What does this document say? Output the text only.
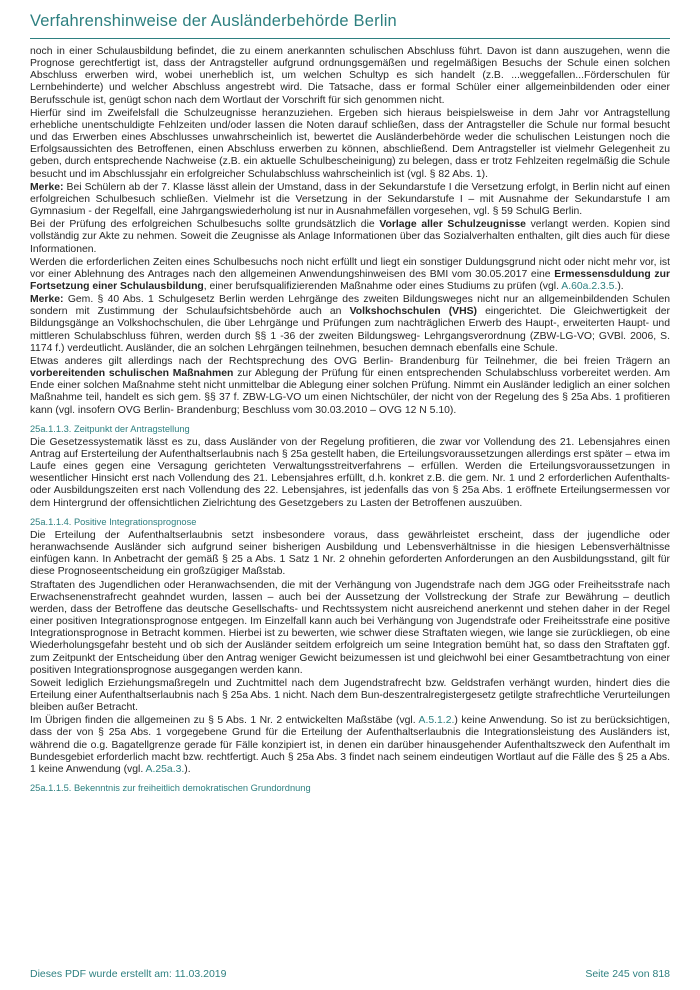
Verfahrenshinweise der Ausländerbehörde Berlin

noch in einer Schulausbildung befindet, die zu einem anerkannten schulischen Abschluss führt. Davon ist dann auszugehen, wenn die Prognose gerechtfertigt ist, dass der Antragsteller aufgrund ordnungsgemäßen und regelmäßigen Besuchs der Schule einen solchen Abschluss erwerben wird, wobei unerheblich ist, um welchen Schultyp es sich handelt (z.B. ...weggefallen...Förderschulen für Lernbehinderte) und welcher Abschluss angestrebt wird. Die Tatsache, dass er formal Schüler einer allgemeinbildenden oder einer Berufsschule ist, genügt schon nach dem Wortlaut der Vorschrift für sich genommen nicht.

Hierfür sind im Zweifelsfall die Schulzeugnisse heranzuziehen. Ergeben sich hieraus beispielsweise in dem Jahr vor Antragstellung erhebliche unentschuldigte Fehlzeiten und/oder lassen die Noten darauf schließen, dass der Antragsteller die Schule nur formal besucht und das Erwerben eines Abschlusses unwahrscheinlich ist, bewertet die Ausländerbehörde weder die schulischen Leistungen noch die Erfolgsaussichten des Betroffenen, einen Abschluss erwerben zu können, abschließend. Dem Antragsteller ist vielmehr Gelegenheit zu geben, durch entsprechende Nachweise (z.B. ein aktuelle Schulbescheinigung) zu belegen, dass er trotz Fehlzeiten regelmäßig die Schule besucht und im Abschlussjahr ein erfolgreicher Schulabschluss wahrscheinlich ist (vgl. § 82 Abs. 1).

Merke: Bei Schülern ab der 7. Klasse lässt allein der Umstand, dass in der Sekundarstufe I die Versetzung erfolgt, in Berlin nicht auf einen erfolgreichen Schulbesuch schließen. Vielmehr ist die Versetzung in der Sekundarstufe I – mit Ausnahme der Sekundarstufe I am Gymnasium - der Regelfall, eine Jahrgangswiederholung ist nur in Ausnahmefällen vorgesehen, vgl. § 59 SchulG Berlin.

Bei der Prüfung des erfolgreichen Schulbesuchs sollte grundsätzlich die Vorlage aller Schulzeugnisse verlangt werden. Kopien sind vollständig zur Akte zu nehmen. Soweit die Zeugnisse als Anlage Informationen über das Sozialverhalten enthalten, gilt dies auch für diese Informationen.

Werden die erforderlichen Zeiten eines Schulbesuchs noch nicht erfüllt und liegt ein sonstiger Duldungsgrund nicht oder nicht mehr vor, ist vor einer Ablehnung des Antrages nach den allgemeinen Anwendungshinweisen des BMI vom 30.05.2017 eine Ermessensduldung zur Fortsetzung einer Schulausbildung, einer berufsqualifizierenden Maßnahme oder eines Studiums zu prüfen (vgl. A.60a.2.3.5.).

Merke: Gem. § 40 Abs. 1 Schulgesetz Berlin werden Lehrgänge des zweiten Bildungsweges nicht nur an allgemeinbildenden Schulen sondern mit Zustimmung der Schulaufsichtsbehörde auch an Volkshochschulen (VHS) eingerichtet. Die Gleichwertigkeit der Bildungsgänge an Volkshochschulen, die über Lehrgänge und Prüfungen zum nachträglichen Erwerb des Haupt-, erweiterten Haupt- und mittleren Schulabschluss führen, werden durch §§ 1 -36 der zweiten Bildungsweg- Lehrgangsverordnung (ZBW-LG-VO; GVBl. 2006, S. 1174 f.) verdeutlicht. Ausländer, die an solchen Lehrgängen teilnehmen, besuchen demnach ebenfalls eine Schule.

Etwas anderes gilt allerdings nach der Rechtsprechung des OVG Berlin- Brandenburg für Teilnehmer, die bei freien Trägern an vorbereitenden schulischen Maßnahmen zur Ablegung der Prüfung für einen entsprechenden Schulabschluss vorbereitet werden. Am Ende einer solchen Maßnahme steht nicht unmittelbar die Ablegung einer solchen Prüfung. Nimmt ein Ausländer lediglich an einer solchen Maßnahme teil, handelt es sich gem. §§ 37 f. ZBW-LG-VO um einen Nichtschüler, der nicht von der Regelung des § 25a Abs. 1 profitieren kann (vgl. insofern OVG Berlin- Brandenburg; Beschluss vom 30.03.2010 – OVG 12 N 5.10).

25a.1.1.3. Zeitpunkt der Antragstellung

Die Gesetzessystematik lässt es zu, dass Ausländer von der Regelung profitieren, die zwar vor Vollendung des 21. Lebensjahres einen Antrag auf Ersterteilung der Aufenthaltserlaubnis nach § 25a gestellt haben, die Erteilungsvoraussetzungen allerdings erst später – etwa im Laufe eines gegen eine Versagung gerichteten Verwaltungsstreitverfahrens – erfüllen. Werden die Erteilungsvoraussetzungen in wesentlicher Hinsicht erst nach Vollendung des 21. Lebensjahres erfüllt, d.h. konkret z.B. die gem. Nr. 1 und 2 erforderlichen Aufenthalts- oder Ausbildungszeiten erst nach Vollendung des 22. Lebensjahres, ist jedenfalls das von § 25a Abs. 1 eröffnete Erteilungsermessen vor dem Hintergrund der offensichtlichen Zielrichtung des Gesetzgebers zu Lasten der Betroffenen auszuüben.

25a.1.1.4. Positive Integrationsprognose

Die Erteilung der Aufenthaltserlaubnis setzt insbesondere voraus, dass gewährleistet erscheint, dass der jugendliche oder heranwachsende Ausländer sich aufgrund seiner bisherigen Ausbildung und Lebensverhältnisse in die hiesigen Lebensverhältnisse einfügen kann. In Anbetracht der gemäß § 25 a Abs. 1 Satz 1 Nr. 2 ohnehin geforderten Anforderungen an den Ausbildungsstand, gilt für diese Prognoseentscheidung ein großzügiger Maßstab.

Straftaten des Jugendlichen oder Heranwachsenden, die mit der Verhängung von Jugendstrafe nach dem JGG oder Freiheitsstrafe nach Erwachsenenstrafrecht geahndet wurden, lassen – auch bei der Aussetzung der Vollstreckung der Strafe zur Bewährung – deutlich werden, dass der Betroffene das deutsche Gesellschafts- und Rechtssystem nicht ausreichend anerkennt und stehen daher in der Regel einer positiven Integrationsprognose entgegen. Im Einzelfall kann auch bei Verhängung von Jugendstrafe oder Freiheitsstrafe eine positive Integrationsprognose in Betracht kommen. Hierbei ist zu bewerten, wie schwer diese Straftaten wiegen, wie lange sie zurückliegen, ob eine Wiederholungsgefahr besteht und ob sich der Ausländer seitdem erfolgreich um seine Integration bemüht hat, so dass den Straftaten ggf. zum Zeitpunkt der Entscheidung über den Antrag weniger Gewicht beizumessen ist und gleichwohl bei einer Gesamtbetrachtung von einer positiven Integrationsprognose ausgegangen werden kann.

Soweit lediglich Erziehungsmaßregeln und Zuchtmittel nach dem Jugendstrafrecht bzw. Geldstrafen verhängt wurden, hindert dies die Erteilung einer Aufenthaltserlaubnis nach § 25a Abs. 1 nicht. Nach dem Bun-deszentralregistergesetz getilgte strafrechtliche Verurteilungen bleiben außer Betracht.

Im Übrigen finden die allgemeinen zu § 5 Abs. 1 Nr. 2 entwickelten Maßstäbe (vgl. A.5.1.2.) keine Anwendung. So ist zu berücksichtigen, dass der von § 25a Abs. 1 vorgegebene Grund für die Erteilung der Aufenthaltserlaubnis die Integrationsleistung des Ausländers ist, während die o.g. Bagatellgrenze gerade für Fälle konzipiert ist, in denen ein darüber hinausgehender Aufenthaltszweck den Aufenthalt im Bundesgebiet erforderlich macht bzw. rechtfertigt. Auch § 25a Abs. 3 findet nach seinem eindeutigen Wortlaut auf die Fälle des § 25 a Abs. 1 keine Anwendung (vgl. A.25a.3.).

25a.1.1.5. Bekenntnis zur freiheitlich demokratischen Grundordnung
Dieses PDF wurde erstellt am: 11.03.2019	Seite 245 von 818
